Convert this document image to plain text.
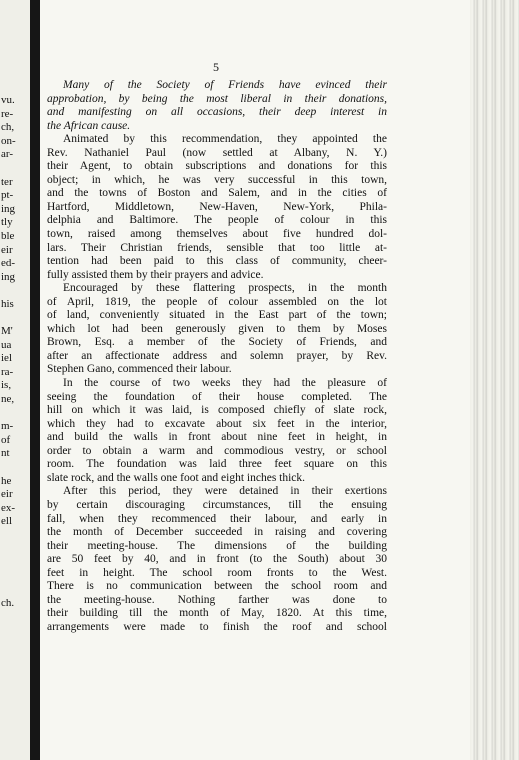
vu.
re-
ch,
on-
ar-
ter
pt-
ing
tly
ble
eir
ed-
ing
his
M'
ua
iel
ra-
is,
ne,
m-
of
nt
he
eir
ex-
ell
ch.
5
Many of the Society of Friends have evinced their
approbation, by being the most liberal in their donations,
and manifesting on all occasions, their deep interest in
the African cause.
Animated by this recommendation, they appointed the
Rev. Nathaniel Paul (now settled at Albany, N. Y.)
their Agent, to obtain subscriptions and donations for this
object; in which, he was very successful in this town,
and the towns of Boston and Salem, and in the cities of
Hartford, Middletown, New-Haven, New-York, Phila-
delphia and Baltimore. The people of colour in this
town, raised among themselves about five hundred dol-
lars. Their Christian friends, sensible that too little at-
tention had been paid to this class of community, cheer-
fully assisted them by their prayers and advice.
Encouraged by these flattering prospects, in the month
of April, 1819, the people of colour assembled on the lot
of land, conveniently situated in the East part of the town;
which lot had been generously given to them by Moses
Brown, Esq. a member of the Society of Friends, and
after an affectionate address and solemn prayer, by Rev.
Stephen Gano, commenced their labour.
In the course of two weeks they had the pleasure of
seeing the foundation of their house completed. The
hill on which it was laid, is composed chiefly of slate rock,
which they had to excavate about six feet in the interior,
and build the walls in front about nine feet in height, in
order to obtain a warm and commodious vestry, or school
room. The foundation was laid three feet square on this
slate rock, and the walls one foot and eight inches thick.
After this period, they were detained in their exertions
by certain discouraging circumstances, till the ensuing
fall, when they recommenced their labour, and early in
the month of December succeeded in raising and covering
their meeting-house. The dimensions of the building
are 50 feet by 40, and in front (to the South) about 30
feet in height. The school room fronts to the West.
There is no communication between the school room and
the meeting-house. Nothing farther was done to
their building till the month of May, 1820. At this time,
arrangements were made to finish the roof and school
